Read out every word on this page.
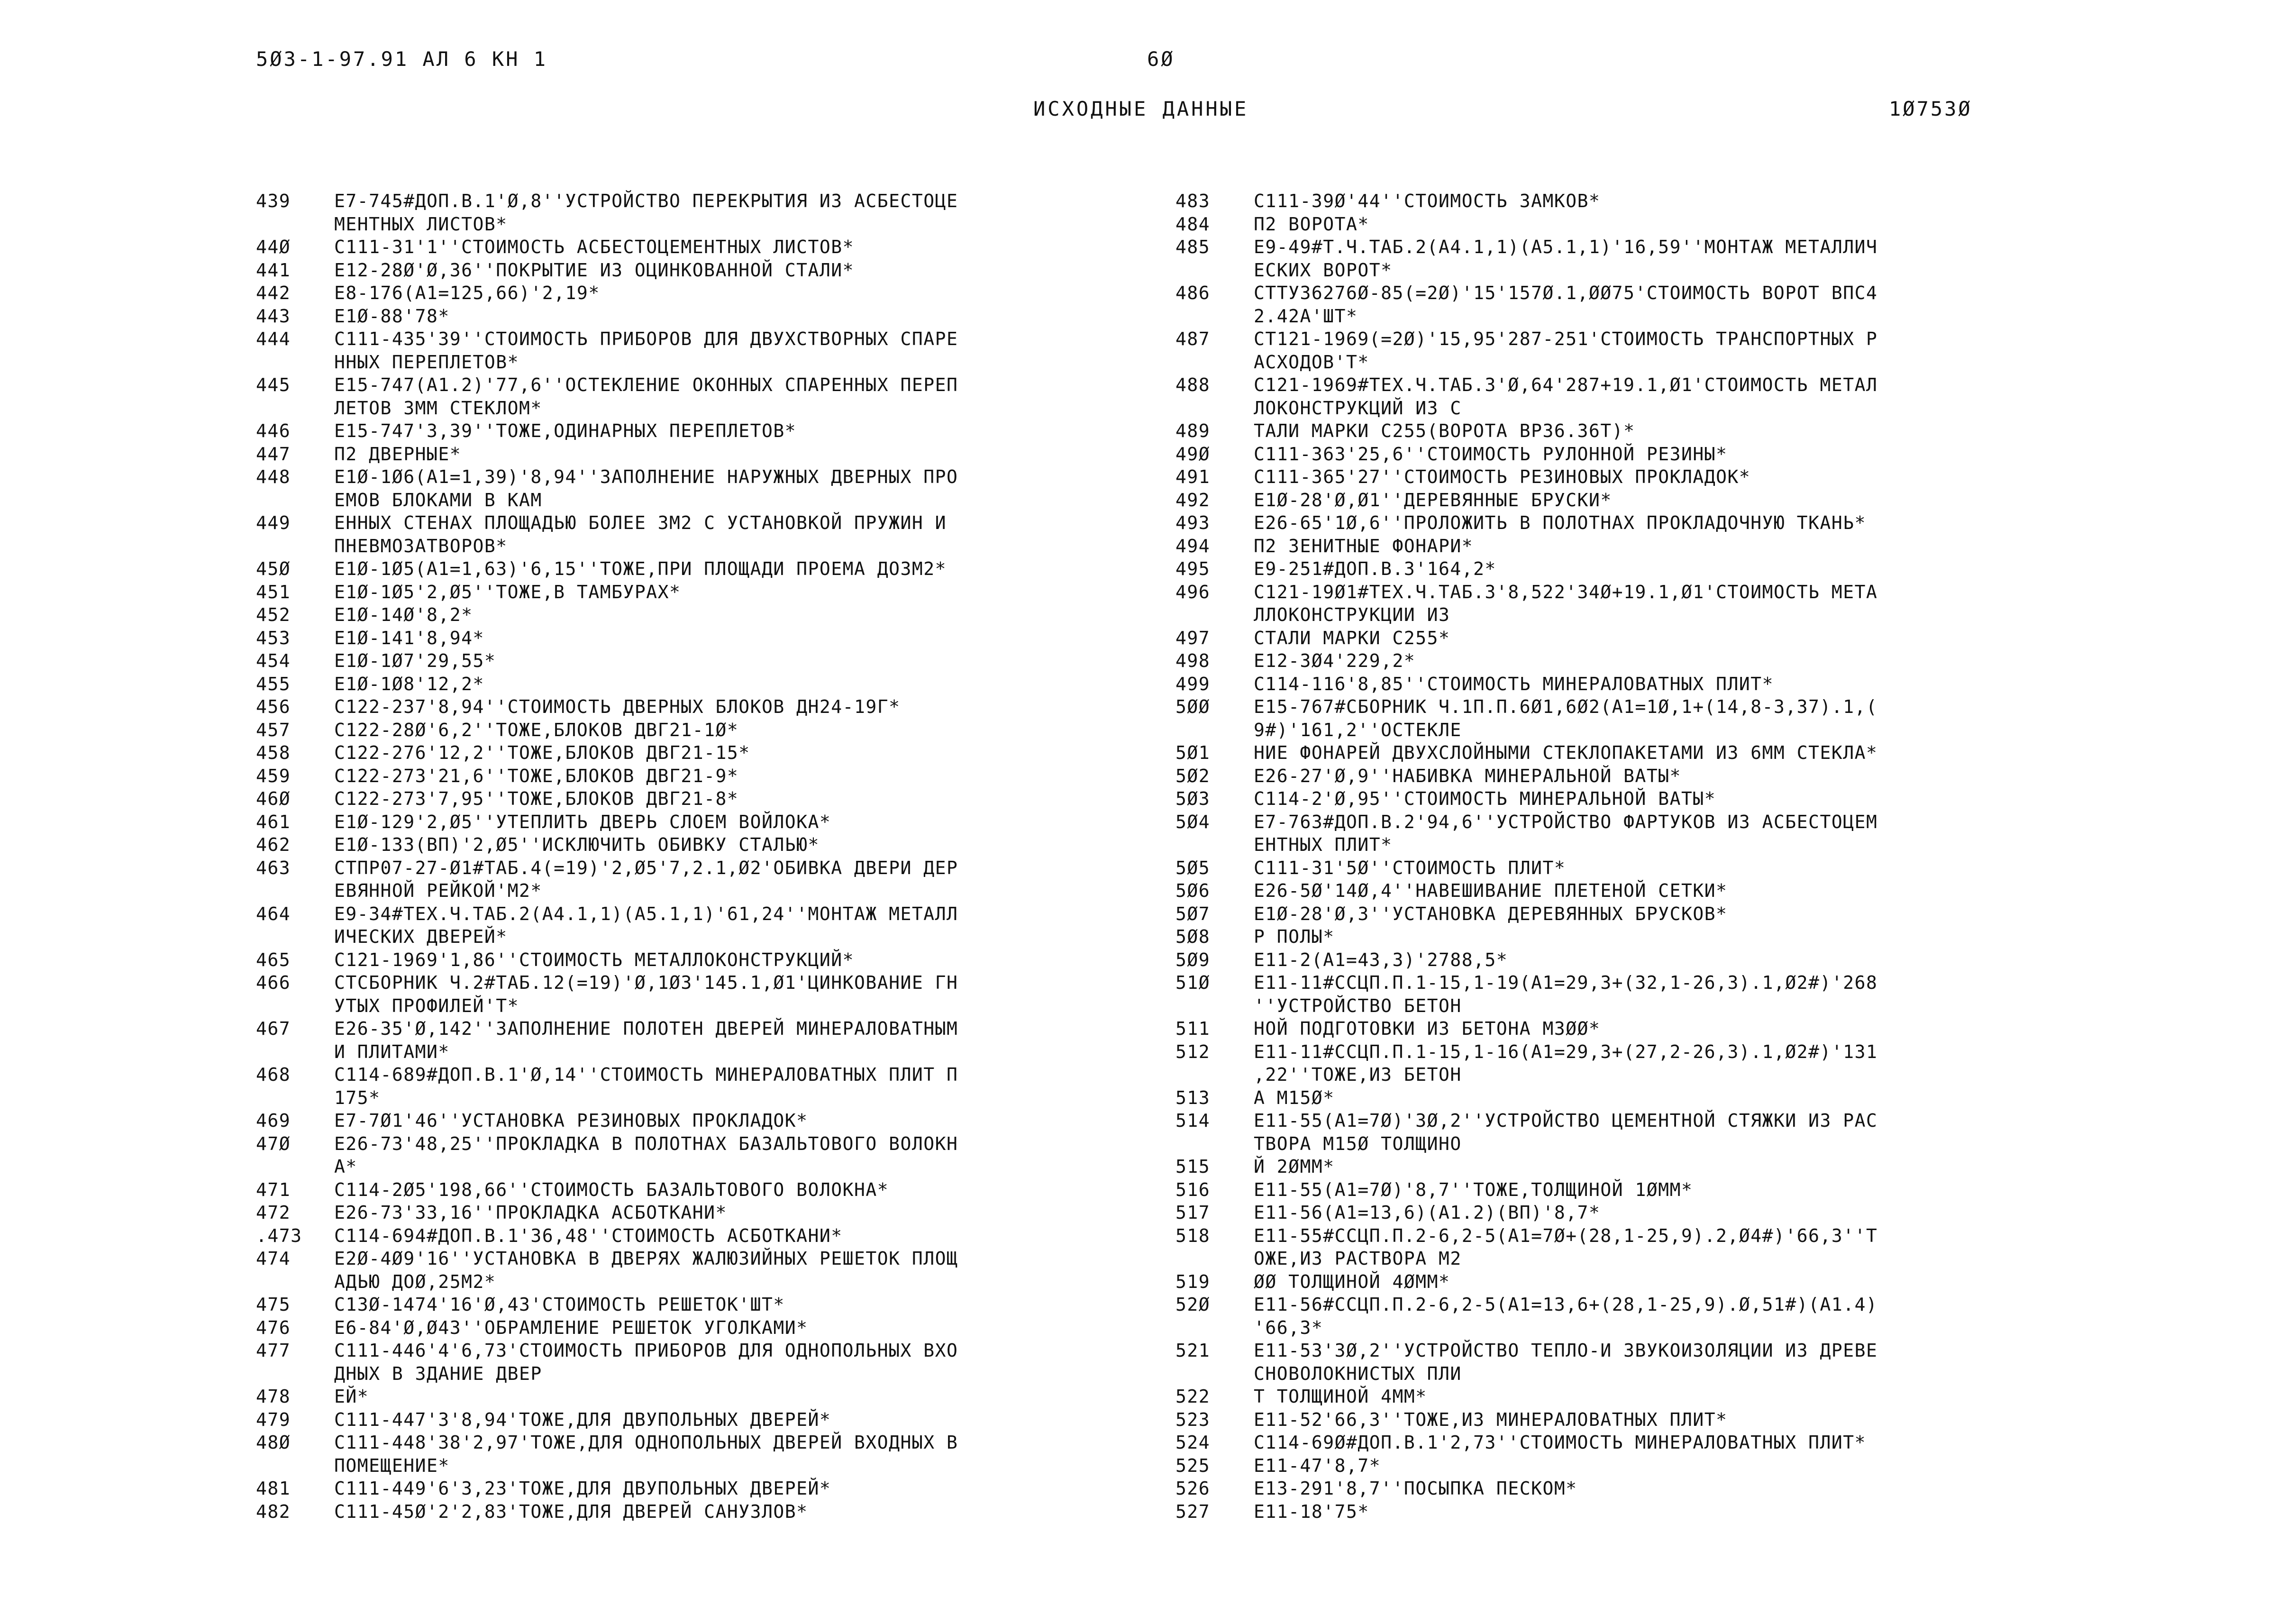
5Ø3-1-97.91 АЛ 6 КН 1	6Ø
ИСХОДНЫЕ ДАННЫЕ	1Ø753Ø
439	Е7-745#ДОП.В.1'Ø,8''УСТРОЙСТВО ПЕРЕКРЫТИЯ ИЗ АСБЕСТОЦЕ
МЕНТНЫХ ЛИСТОВ*
44Ø	С111-31'1''СТОИМОСТЬ АСБЕСТОЦЕМЕНТНЫХ ЛИСТОВ*
441	Е12-28Ø'Ø,36''ПОКРЫТИЕ ИЗ ОЦИНКОВАННОЙ СТАЛИ*
442	Е8-176(А1=125,66)'2,19*
443	Е1Ø-88'78*
444	С111-435'39''СТОИМОСТЬ ПРИБОРОВ ДЛЯ ДВУХСТВОРНЫХ СПАРЕ
ННЫХ ПЕРЕПЛЕТОВ*
445	Е15-747(А1.2)'77,6''ОСТЕКЛЕНИЕ ОКОННЫХ СПАРЕННЫХ ПЕРЕП
ЛЕТОВ 3ММ СТЕКЛОМ*
446	Е15-747'3,39''ТОЖЕ,ОДИНАРНЫХ ПЕРЕПЛЕТОВ*
447	П2 ДВЕРНЫЕ*
448	Е1Ø-1Ø6(А1=1,39)'8,94''ЗАПОЛНЕНИЕ НАРУЖНЫХ ДВЕРНЫХ ПРО
ЕМОВ БЛОКАМИ В КАМ
449	ЕННЫХ СТЕНАХ ПЛОЩАДЬЮ БОЛЕЕ 3М2 С УСТАНОВКОЙ ПРУЖИН И
ПНЕВМОЗАТВОРОВ*
45Ø	Е1Ø-1Ø5(А1=1,63)'6,15''ТОЖЕ,ПРИ ПЛОЩАДИ ПРОЕМА ДО3М2*
451	Е1Ø-1Ø5'2,Ø5''ТОЖЕ,В ТАМБУРАХ*
452	Е1Ø-14Ø'8,2*
453	Е1Ø-141'8,94*
454	Е1Ø-1Ø7'29,55*
455	Е1Ø-1Ø8'12,2*
456	С122-237'8,94''СТОИМОСТЬ ДВЕРНЫХ БЛОКОВ ДН24-19Г*
457	С122-28Ø'6,2''ТОЖЕ,БЛОКОВ ДВГ21-1Ø*
458	С122-276'12,2''ТОЖЕ,БЛОКОВ ДВГ21-15*
459	С122-273'21,6''ТОЖЕ,БЛОКОВ ДВГ21-9*
46Ø	С122-273'7,95''ТОЖЕ,БЛОКОВ ДВГ21-8*
461	Е1Ø-129'2,Ø5''УТЕПЛИТЬ ДВЕРЬ СЛОЕМ ВОЙЛОКА*
462	Е1Ø-133(ВП)'2,Ø5''ИСКЛЮЧИТЬ ОБИВКУ СТАЛЬЮ*
463	СТПР07-27-Ø1#ТАБ.4(=19)'2,Ø5'7,2.1,Ø2'ОБИВКА ДВЕРИ ДЕР
ЕВЯННОЙ РЕЙКОЙ'М2*
464	Е9-34#ТЕХ.Ч.ТАБ.2(А4.1,1)(А5.1,1)'61,24''МОНТАЖ МЕТАЛЛ
ИЧЕСКИХ ДВЕРЕЙ*
465	С121-1969'1,86''СТОИМОСТЬ МЕТАЛЛОКОНСТРУКЦИЙ*
466	СТСБОРНИК Ч.2#ТАБ.12(=19)'Ø,1Ø3'145.1,Ø1'ЦИНКОВАНИЕ ГН
УТЫХ ПРОФИЛЕЙ'Т*
467	Е26-35'Ø,142''ЗАПОЛНЕНИЕ ПОЛОТЕН ДВЕРЕЙ МИНЕРАЛОВАТНЫМ
И ПЛИТАМИ*
468	С114-689#ДОП.В.1'Ø,14''СТОИМОСТЬ МИНЕРАЛОВАТНЫХ ПЛИТ П
175*
469	Е7-7Ø1'46''УСТАНОВКА РЕЗИНОВЫХ ПРОКЛАДОК*
47Ø	Е26-73'48,25''ПРОКЛАДКА В ПОЛОТНАХ БАЗАЛЬТОВОГО ВОЛОКН
А*
471	С114-2Ø5'198,66''СТОИМОСТЬ БАЗАЛЬТОВОГО ВОЛОКНА*
472	Е26-73'33,16''ПРОКЛАДКА АСБОТКАНИ*
.473	С114-694#ДОП.В.1'36,48''СТОИМОСТЬ АСБОТКАНИ*
474	Е2Ø-4Ø9'16''УСТАНОВКА В ДВЕРЯХ ЖАЛЮЗИЙНЫХ РЕШЕТОК ПЛОЩ
АДЬЮ ДОØ,25М2*
475	С13Ø-1474'16'Ø,43'СТОИМОСТЬ РЕШЕТОК'ШТ*
476	Е6-84'Ø,Ø43''ОБРАМЛЕНИЕ РЕШЕТОК УГОЛКАМИ*
477	С111-446'4'6,73'СТОИМОСТЬ ПРИБОРОВ ДЛЯ ОДНОПОЛЬНЫХ ВХО
ДНЫХ В ЗДАНИЕ ДВЕР
478	ЕЙ*
479	С111-447'3'8,94'ТОЖЕ,ДЛЯ ДВУПОЛЬНЫХ ДВЕРЕЙ*
48Ø	С111-448'38'2,97'ТОЖЕ,ДЛЯ ОДНОПОЛЬНЫХ ДВЕРЕЙ ВХОДНЫХ В
ПОМЕЩЕНИЕ*
481	С111-449'6'3,23'ТОЖЕ,ДЛЯ ДВУПОЛЬНЫХ ДВЕРЕЙ*
482	С111-45Ø'2'2,83'ТОЖЕ,ДЛЯ ДВЕРЕЙ САНУЗЛОВ*
483	С111-39Ø'44''СТОИМОСТЬ ЗАМКОВ*
484	П2 ВОРОТА*
485	Е9-49#Т.Ч.ТАБ.2(А4.1,1)(А5.1,1)'16,59''МОНТАЖ МЕТАЛЛИЧ
ЕСКИХ ВОРОТ*
486	СТТУ36276Ø-85(=2Ø)'15'157Ø.1,ØØ75'СТОИМОСТЬ ВОРОТ ВПС4
2.42А'ШТ*
487	СТ121-1969(=2Ø)'15,95'287-251'СТОИМОСТЬ ТРАНСПОРТНЫХ Р
АСХОДОВ'Т*
488	С121-1969#ТЕХ.Ч.ТАБ.3'Ø,64'287+19.1,Ø1'СТОИМОСТЬ МЕТАЛ
ЛОКОНСТРУКЦИЙ ИЗ С
489	ТАЛИ МАРКИ С255(ВОРОТА ВР36.36Т)*
49Ø	С111-363'25,6''СТОИМОСТЬ РУЛОННОЙ РЕЗИНЫ*
491	С111-365'27''СТОИМОСТЬ РЕЗИНОВЫХ ПРОКЛАДОК*
492	Е1Ø-28'Ø,Ø1''ДЕРЕВЯННЫЕ БРУСКИ*
493	Е26-65'1Ø,6''ПРОЛОЖИТЬ В ПОЛОТНАХ ПРОКЛАДОЧНУЮ ТКАНЬ*
494	П2 ЗЕНИТНЫЕ ФОНАРИ*
495	Е9-251#ДОП.В.3'164,2*
496	С121-19Ø1#ТЕХ.Ч.ТАБ.3'8,522'34Ø+19.1,Ø1'СТОИМОСТЬ МЕТА
ЛЛОКОНСТРУКЦИИ ИЗ
497	СТАЛИ МАРКИ С255*
498	Е12-3Ø4'229,2*
499	С114-116'8,85''СТОИМОСТЬ МИНЕРАЛОВАТНЫХ ПЛИТ*
5ØØ	Е15-767#СБОРНИК Ч.1П.П.6Ø1,6Ø2(А1=1Ø,1+(14,8-3,37).1,(
9#)'161,2''ОСТЕКЛЕ
5Ø1	НИЕ ФОНАРЕЙ ДВУХСЛОЙНЫМИ СТЕКЛОПАКЕТАМИ ИЗ 6ММ СТЕКЛА*
5Ø2	Е26-27'Ø,9''НАБИВКА МИНЕРАЛЬНОЙ ВАТЫ*
5Ø3	С114-2'Ø,95''СТОИМОСТЬ МИНЕРАЛЬНОЙ ВАТЫ*
5Ø4	Е7-763#ДОП.В.2'94,6''УСТРОЙСТВО ФАРТУКОВ ИЗ АСБЕСТОЦЕМ
ЕНТНЫХ ПЛИТ*
5Ø5	С111-31'5Ø''СТОИМОСТЬ ПЛИТ*
5Ø6	Е26-5Ø'14Ø,4''НАВЕШИВАНИЕ ПЛЕТЕНОЙ СЕТКИ*
5Ø7	Е1Ø-28'Ø,3''УСТАНОВКА ДЕРЕВЯННЫХ БРУСКОВ*
5Ø8	Р ПОЛЫ*
5Ø9	Е11-2(А1=43,3)'2788,5*
51Ø	Е11-11#ССЦП.П.1-15,1-19(А1=29,3+(32,1-26,3).1,Ø2#)'268
''УСТРОЙСТВО БЕТОН
511	НОЙ ПОДГОТОВКИ ИЗ БЕТОНА М3ØØ*
512	Е11-11#ССЦП.П.1-15,1-16(А1=29,3+(27,2-26,3).1,Ø2#)'131
,22''ТОЖЕ,ИЗ БЕТОН
513	А М15Ø*
514	Е11-55(А1=7Ø)'3Ø,2''УСТРОЙСТВО ЦЕМЕНТНОЙ СТЯЖКИ ИЗ РАС
ТВОРА М15Ø ТОЛЩИНО
515	Й 2ØММ*
516	Е11-55(А1=7Ø)'8,7''ТОЖЕ,ТОЛЩИНОЙ 1ØММ*
517	Е11-56(А1=13,6)(А1.2)(ВП)'8,7*
518	Е11-55#ССЦП.П.2-6,2-5(А1=7Ø+(28,1-25,9).2,Ø4#)'66,3''Т
ОЖЕ,ИЗ РАСТВОРА М2
519	ØØ ТОЛЩИНОЙ 4ØММ*
52Ø	Е11-56#ССЦП.П.2-6,2-5(А1=13,6+(28,1-25,9).Ø,51#)(А1.4)
'66,3*
521	Е11-53'3Ø,2''УСТРОЙСТВО ТЕПЛО-И ЗВУКОИЗОЛЯЦИИ ИЗ ДРЕВЕ
СНОВОЛОКНИСТЫХ ПЛИ
522	Т ТОЛЩИНОЙ 4ММ*
523	Е11-52'66,3''ТОЖЕ,ИЗ МИНЕРАЛОВАТНЫХ ПЛИТ*
524	С114-69Ø#ДОП.В.1'2,73''СТОИМОСТЬ МИНЕРАЛОВАТНЫХ ПЛИТ*
525	Е11-47'8,7*
526	Е13-291'8,7''ПОСЫПКА ПЕСКОМ*
527	Е11-18'75*
